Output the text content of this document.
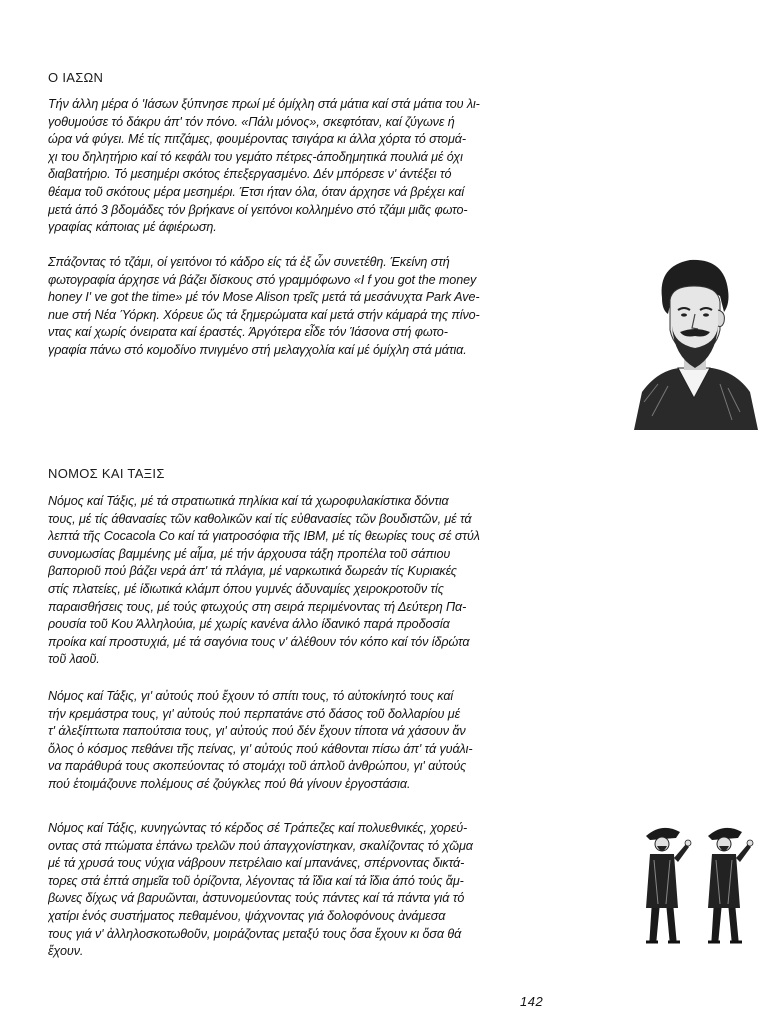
Ο ΙΑΣΩΝ
Τήν άλλη μέρα ό 'Ιάσων ξύπνησε πρωί μέ όμίχλη στά μάτια καί στά μάτια του λι-
γοθυμούσε τό δάκρυ άπ' τόν πόνο. «Πάλι μόνος», σκεφτόταν, καί ζύγωνε ή
ώρα νά φύγει. Μέ τίς πιτζάμες, φουμέροντας τσιγάρα κι άλλα χόρτα τό στομά-
χι του δηλητήριο καί τό κεφάλι του γεμάτο πέτρες-άποδημητικά πουλιά μέ όχι
διαβατήριο. Τό μεσημέρι σκότος έπεξεργασμένο. Δέν μπόρεσε ν' άντέξει τό
θέαμα τοῦ σκότους μέρα μεσημέρι. Έτσι ήταν όλα, όταν άρχησε νά βρέχει καί
μετά άπό 3 βδομάδες τόν βρήκανε οί γειτόνοι κολλημένο στό τζάμι μιᾶς φωτο-
γραφίας κάποιας μέ άφιέρωση.
Σπάζοντας τό τζάμι, οί γειτόνοι τό κάδρο είς τά ἐξ ὧν συνετέθη. Έκείνη στή
φωτογραφία άρχησε νά βάζει δίσκους στό γραμμόφωνο «I f you got the money
honey I' ve got the time» μέ τόν Mose Alison τρεῖς μετά τά μεσάνυχτα Park Ave-
nue στή Νέα Ύόρκη. Χόρευε ὥς τά ξημερώματα καί μετά στήν κάμαρά της πίνο-
ντας καί χωρίς όνειρατα καί έραστές. Άργότερα εἶδε τόν Ίάσονα στή φωτο-
γραφία πάνω στό κομοδίνο πνιγμένο στή μελαγχολία καί μέ όμίχλη στά μάτια.
ΝΟΜΟΣ ΚΑΙ ΤΑΞΙΣ
Νόμος καί Τάξις, μέ τά στρατιωτικά πηλίκια καί τά χωροφυλακίστικα δόντια
τους, μέ τίς άθανασίες τῶν καθολικῶν καί τίς εὐθανασίες τῶν βουδιστῶν, μέ τά
λεπτά τῆς Cocacola Co καί τά γιατροσόφια τῆς ΙΒΜ, μέ τίς θεωρίες τους σέ στύλ
συνομωσίας βαμμένης μέ αἷμα, μέ τήν άρχουσα τάξη προπέλα τοῦ σάπιου
βαποριοῦ πού βάζει νερά άπ' τά πλάγια, μέ ναρκωτικά δωρεάν τίς Κυριακές
στίς πλατείες, μέ ίδιωτικά κλάμπ όπου γυμνές άδυναμίες χειροκροτοῦν τίς
παραισθήσεις τους, μέ τούς φτωχούς στη σειρά περιμένοντας τή Δεύτερη Πα-
ρουσία τοῦ Κου Άλληλούια, μέ χωρίς κανένα άλλο ίδανικό παρά προδοσία
προίκα καί προστυχιά, μέ τά σαγόνια τους ν' άλέθουν τόν κόπο καί τόν ίδρώτα
τοῦ λαοῦ.
Νόμος καί Τάξις, γι' αὐτούς πού ἔχουν τό σπίτι τους, τό αὐτοκίνητό τους καί
τήν κρεμάστρα τους, γι' αὐτούς πού περπατάνε στό δάσος τοῦ δολλαρίου μέ
τ' άλεξίπτωτα παπούτσια τους, γι' αὐτούς πού δέν ἔχουν τίποτα νά χάσουν ἄν
ὅλος ὁ κόσμος πεθάνει τῆς πείνας, γι' αὐτούς πού κάθονται πίσω άπ' τά γυάλι-
να παράθυρά τους σκοπεύοντας τό στομάχι τοῦ άπλοῦ ἀνθρώπου, γι' αὐτούς
πού ἑτοιμάζουνε πολέμους σέ ζούγκλες πού θά γίνουν ἐργοστάσια.
Νόμος καί Τάξις, κυνηγώντας τό κέρδος σέ Τράπεζες καί πολυεθνικές, χορεύ-
οντας στά πτώματα ἐπάνω τρελῶν πού άπαγχονίστηκαν, σκαλίζοντας τό χῶμα
μέ τά χρυσά τους νύχια νάβρουν πετρέλαιο καί μπανάνες, σπέρνοντας δικτά-
τορες στά ἑπτά σημεῖα τοῦ ὁρίζοντα, λέγοντας τά ἴδια καί τά ἴδια άπό τούς ἄμ-
βωνες δίχως νά βαρυῶνται, ἀστυνομεύοντας τούς πάντες καί τά πάντα γιά τό
χατίρι ἑνός συστήματος πεθαμένου, ψάχνοντας γιά δολοφόνους ἀνάμεσα
τους γιά ν' ἀλληλοσκοτωθοῦν, μοιράζοντας μεταξύ τους ὅσα ἔχουν κι ὅσα θά
ἔχουν.
142
